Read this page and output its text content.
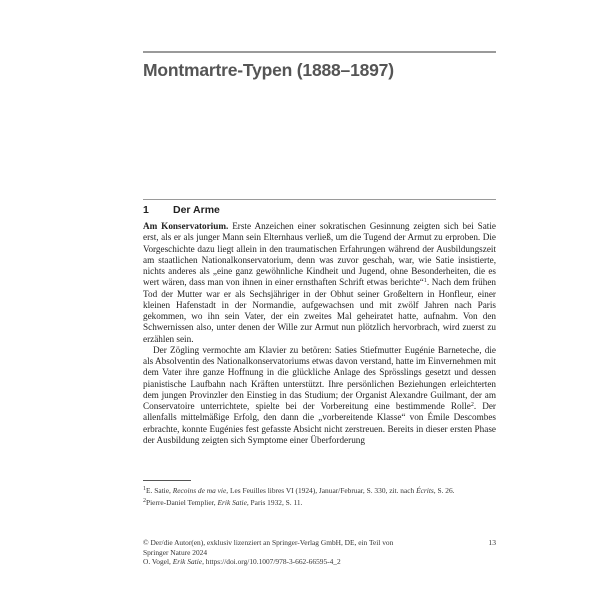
Montmartre-Typen (1888–1897)
1 Der Arme

Am Konservatorium. Erste Anzeichen einer sokratischen Gesinnung zeigten sich bei Satie erst, als er als junger Mann sein Elternhaus verließ, um die Tugend der Armut zu erproben. Die Vorgeschichte dazu liegt allein in den traumatischen Erfahrungen während der Ausbildungszeit am staatlichen Nationalkonservatorium, denn was zuvor geschah, war, wie Satie insistierte, nichts anderes als „eine ganz gewöhnliche Kindheit und Jugend, ohne Besonderheiten, die es wert wären, dass man von ihnen in einer ernsthaften Schrift etwas berichte“$^1$. Nach dem frühen Tod der Mutter war er als Sechsjähriger in der Obhut seiner Großeltern in Honfleur, einer kleinen Hafenstadt in der Normandie, aufgewachsen und mit zwölf Jahren nach Paris gekommen, wo ihn sein Vater, der ein zweites Mal geheiratet hatte, aufnahm. Von den Schwernissen also, unter denen der Wille zur Armut nun plötzlich hervorbrach, wird zuerst zu erzählen sein.

Der Zögling vermochte am Klavier zu betören: Saties Stiefmutter Eugénie Barneteche, die als Absolventin des Nationalkonservatoriums etwas davon verstand, hatte im Einvernehmen mit dem Vater ihre ganze Hoffnung in die glückliche Anlage des Sprösslings gesetzt und dessen pianistische Laufbahn nach Kräften unterstützt. Ihre persönlichen Beziehungen erleichterten dem jungen Provinzler den Einstieg in das Studium; der Organist Alexandre Guilmant, der am Conservatoire unterrichtete, spielte bei der Vorbereitung eine bestimmende Rolle$^2$. Der allenfalls mittelmäßige Erfolg, den dann die „vorbereitende Klasse“ von Émile Descombes erbrachte, konnte Eugénies fest gefasste Absicht nicht zerstreuen. Bereits in dieser ersten Phase der Ausbildung zeigten sich Symptome einer Überforderung

$^1$E. Satie, Recoins de ma vie, Les Feuilles libres VI (1924), Januar/Februar, S. 330, zit. nach Écrits, S. 26.

$^2$Pierre-Daniel Templier, Erik Satie, Paris 1932, S. 11.

© Der/die Autor(en), exklusiv lizenziert an Springer-Verlag GmbH, DE, ein Teil von

Springer Nature 2024

O. Vogel, Erik Satie, https://doi.org/10.1007/978-3-662-66595-4_2

13
